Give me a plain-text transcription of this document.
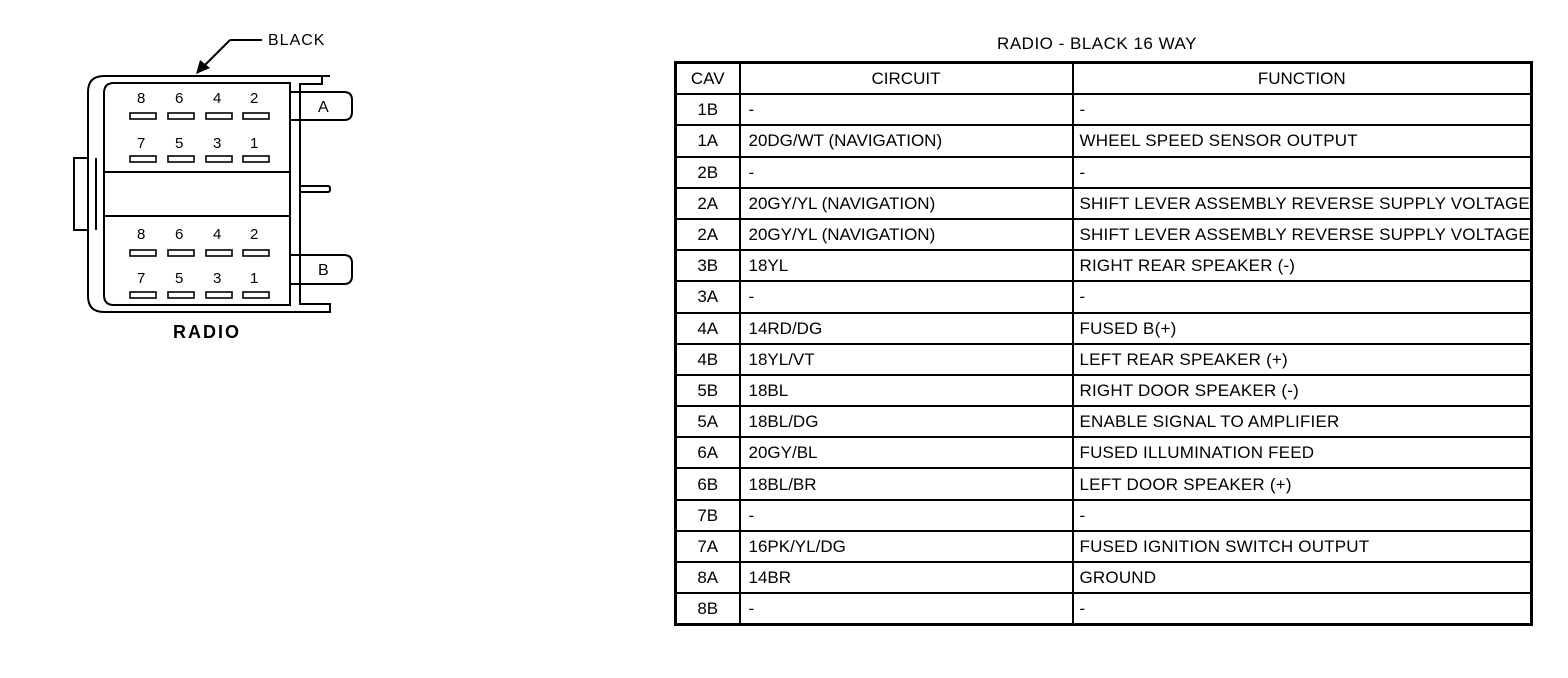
BLACK
RADIO
A
B
8 6 4 2
7 5 3 1
8 6 4 2
7 5 3 1
RADIO - BLACK 16 WAY
CAV	CIRCUIT	FUNCTION
1B	-	-
1A	20DG/WT (NAVIGATION)	WHEEL SPEED SENSOR OUTPUT
2B	-	-
2A	20GY/YL (NAVIGATION)	SHIFT LEVER ASSEMBLY REVERSE SUPPLY VOLTAGE
2A	20GY/YL (NAVIGATION)	SHIFT LEVER ASSEMBLY REVERSE SUPPLY VOLTAGE
3B	18YL	RIGHT REAR SPEAKER (-)
3A	-	-
4A	14RD/DG	FUSED B(+)
4B	18YL/VT	LEFT REAR SPEAKER (+)
5B	18BL	RIGHT DOOR SPEAKER (-)
5A	18BL/DG	ENABLE SIGNAL TO AMPLIFIER
6A	20GY/BL	FUSED ILLUMINATION FEED
6B	18BL/BR	LEFT DOOR SPEAKER (+)
7B	-	-
7A	16PK/YL/DG	FUSED IGNITION SWITCH OUTPUT
8A	14BR	GROUND
8B	-	-
